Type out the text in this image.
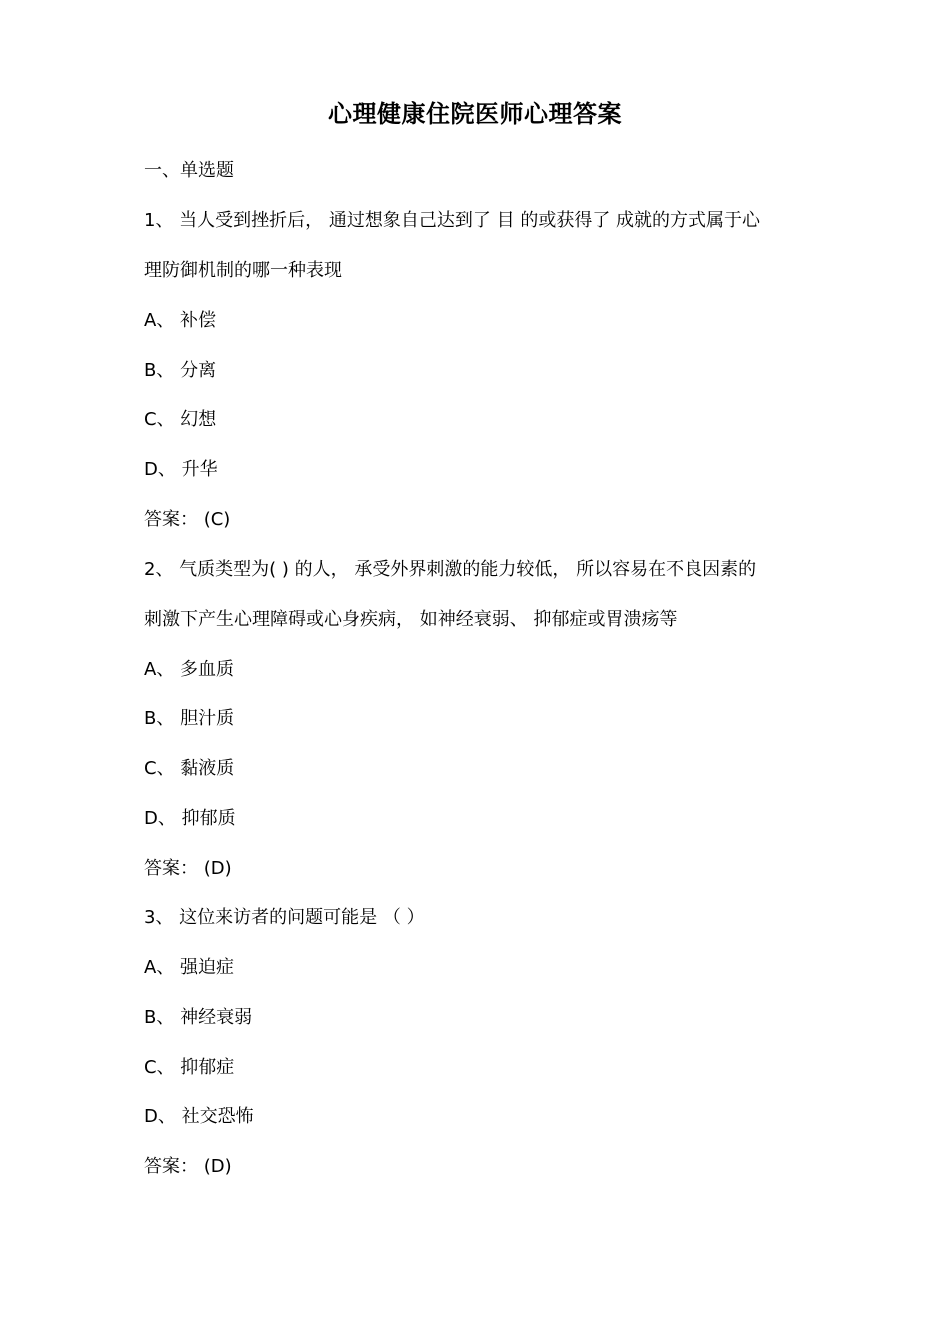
心理健康住院医师心理答案
一、单选题
1、 当人受到挫折后， 通过想象自己达到了 目 的或获得了 成就的方式属于心
理防御机制的哪一种表现
A、 补偿
B、 分离
C、 幻想
D、 升华
答案： (C)
2、 气质类型为( ) 的人， 承受外界刺激的能力较低， 所以容易在不良因素的
刺激下产生心理障碍或心身疾病， 如神经衰弱、 抑郁症或胃溃疡等
A、 多血质
B、 胆汁质
C、 黏液质
D、 抑郁质
答案： (D)
3、 这位来访者的问题可能是 （ ）
A、 强迫症
B、 神经衰弱
C、 抑郁症
D、 社交恐怖
答案： (D)
